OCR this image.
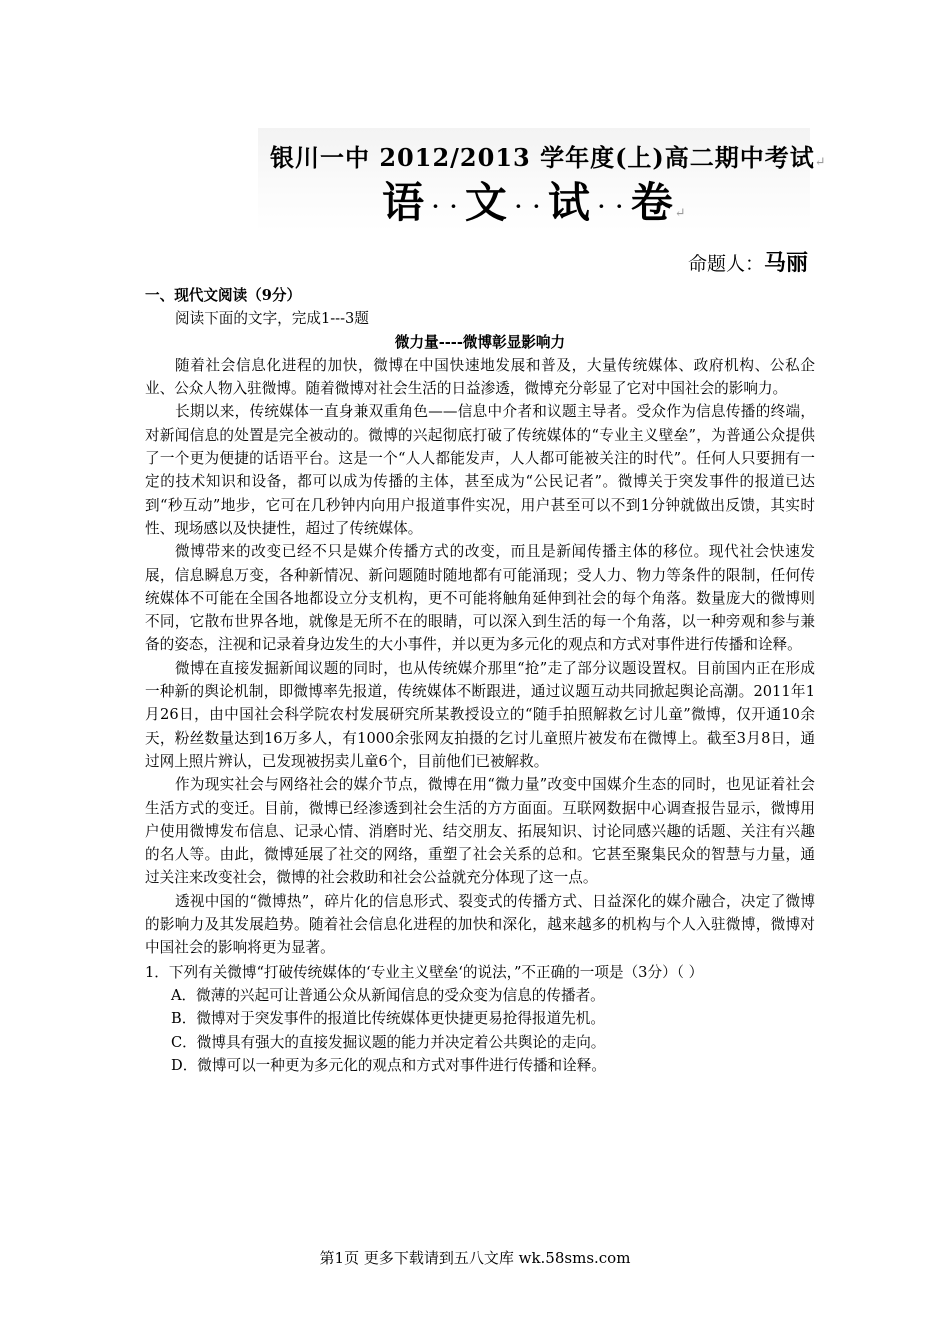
银川一中 2012/2013 学年度(上)高二期中考试↵
语 · · 文 · · 试 · · 卷↵
命题人：马丽

一、现代文阅读（9分）

阅读下面的文字，完成1---3题

微力量----微博彰显影响力

随着社会信息化进程的加快，微博在中国快速地发展和普及，大量传统媒体、政府机构、公私企业、公众人物入驻微博。随着微博对社会生活的日益渗透，微博充分彰显了它对中国社会的影响力。

长期以来，传统媒体一直身兼双重角色——信息中介者和议题主导者。受众作为信息传播的终端，对新闻信息的处置是完全被动的。微博的兴起彻底打破了传统媒体的“专业主义壁垒”，为普通公众提供了一个更为便捷的话语平台。这是一个“人人都能发声，人人都可能被关注的时代”。任何人只要拥有一定的技术知识和设备，都可以成为传播的主体，甚至成为“公民记者”。微博关于突发事件的报道已达到“秒互动”地步，它可在几秒钟内向用户报道事件实况，用户甚至可以不到1分钟就做出反馈，其实时性、现场感以及快捷性，超过了传统媒体。

微博带来的改变已经不只是媒介传播方式的改变，而且是新闻传播主体的移位。现代社会快速发展，信息瞬息万变，各种新情况、新问题随时随地都有可能涌现；受人力、物力等条件的限制，任何传统媒体不可能在全国各地都设立分支机构，更不可能将触角延伸到社会的每个角落。数量庞大的微博则不同，它散布世界各地，就像是无所不在的眼睛，可以深入到生活的每一个角落，以一种旁观和参与兼备的姿态，注视和记录着身边发生的大小事件，并以更为多元化的观点和方式对事件进行传播和诠释。

微博在直接发掘新闻议题的同时，也从传统媒介那里“抢”走了部分议题设置权。目前国内正在形成一种新的舆论机制，即微博率先报道，传统媒体不断跟进，通过议题互动共同掀起舆论高潮。2011年1月26日，由中国社会科学院农村发展研究所某教授设立的“随手拍照解救乞讨儿童”微博，仅开通10余天，粉丝数量达到16万多人，有1000余张网友拍摄的乞讨儿童照片被发布在微博上。截至3月8日，通过网上照片辨认，已发现被拐卖儿童6个，目前他们已被解救。

作为现实社会与网络社会的媒介节点，微博在用“微力量”改变中国媒介生态的同时，也见证着社会生活方式的变迁。目前，微博已经渗透到社会生活的方方面面。互联网数据中心调查报告显示，微博用户使用微博发布信息、记录心情、消磨时光、结交朋友、拓展知识、讨论同感兴趣的话题、关注有兴趣的名人等。由此，微博延展了社交的网络，重塑了社会关系的总和。它甚至聚集民众的智慧与力量，通过关注来改变社会，微博的社会救助和社会公益就充分体现了这一点。

透视中国的“微博热”，碎片化的信息形式、裂变式的传播方式、日益深化的媒介融合，决定了微博的影响力及其发展趋势。随着社会信息化进程的加快和深化，越来越多的机构与个人入驻微博，微博对中国社会的影响将更为显著。

1．下列有关微博“打破传统媒体的‘专业主义壁垒‘的说法，”不正确的一项是（3分）（ ）

A．微薄的兴起可让普通公众从新闻信息的受众变为信息的传播者。

B．微博对于突发事件的报道比传统媒体更快捷更易抢得报道先机。

C．微博具有强大的直接发掘议题的能力并决定着公共舆论的走向。

D．微博可以一种更为多元化的观点和方式对事件进行传播和诠释。

第1页 更多下载请到五八文库 wk.58sms.com
